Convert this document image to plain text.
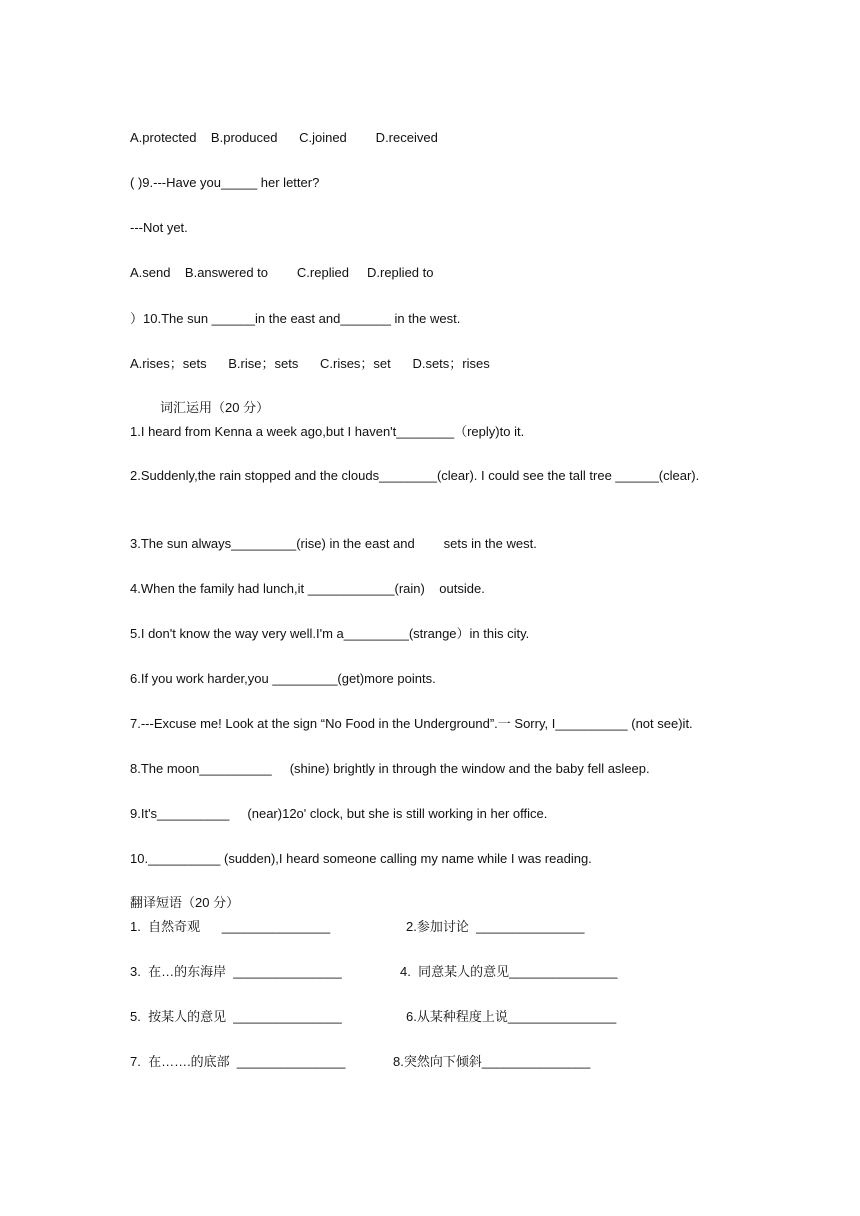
A.protected    B.produced      C.joined        D.received
( )9.---Have you_____ her letter?
---Not yet.
A.send    B.answered to        C.replied     D.replied to
）10.The sun ______in the east and_______ in the west.
A.rises；sets      B.rise；sets      C.rises；set      D.sets；rises
词汇运用（20 分）
1.I heard from Kenna a week ago,but I haven't________（reply)to it.
2.Suddenly,the rain stopped and the clouds________(clear). I could see the tall tree ______(clear).
3.The sun always_________(rise) in the east and        sets in the west.
4.When the family had lunch,it ____________(rain)    outside.
5.I don't know the way very well.I'm a_________(strange）in this city.
6.If you work harder,you _________(get)more points.
7.---Excuse me! Look at the sign “No Food in the Underground”.一 Sorry, I__________ (not see)it.
8.The moon__________     (shine) brightly in through the window and the baby fell asleep.
9.It's__________     (near)12o' clock, but she is still working in her office.
10.__________ (sudden),I heard someone calling my name while I was reading.
翻译短语（20 分）
1.  自然奇观      _______________	2.参加讨论  _______________
3.  在…的东海岸  _______________	4.  同意某人的意见_______________
5.  按某人的意见  _______________	6.从某种程度上说_______________
7.  在…….的底部  _______________	8.突然向下倾斜_______________
